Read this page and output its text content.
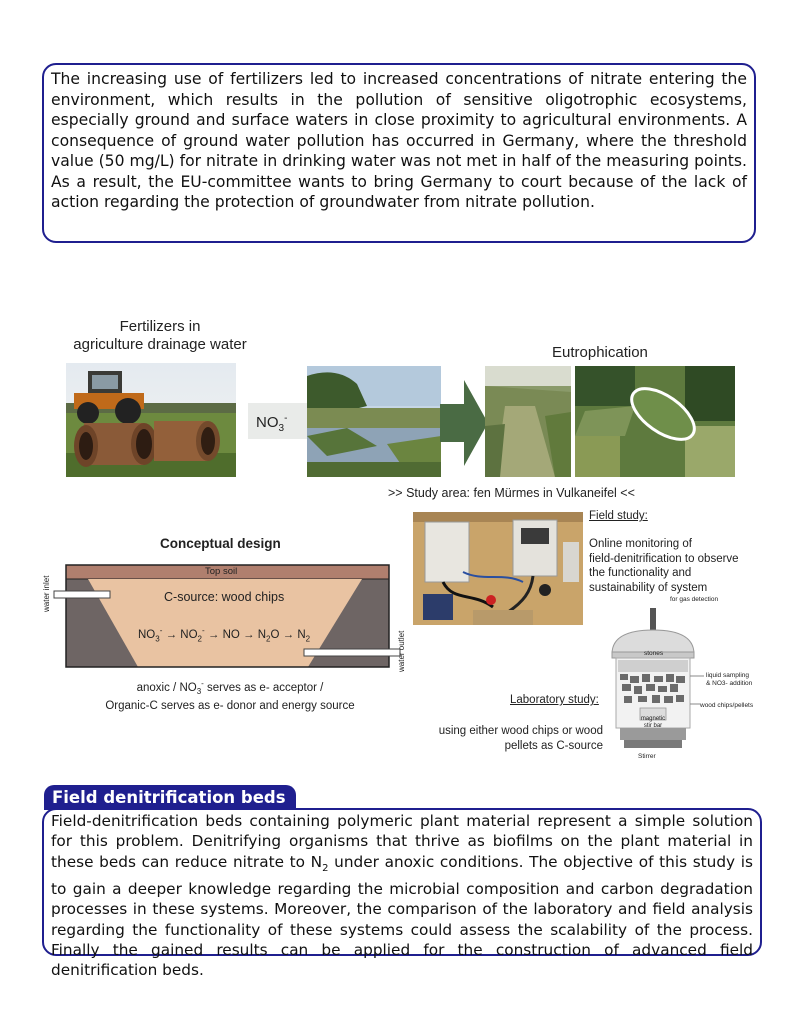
The increasing use of fertilizers led to increased concentrations of nitrate entering the environment, which results in the pollution of sensitive oligotrophic ecosystems, especially ground and surface waters in close proximity to agricultural environments. A consequence of ground water pollution has occurred in Germany, where the threshold value (50 mg/L) for nitrate in drinking water was not met in half of the measuring points. As a result, the EU-committee wants to bring Germany to court because of the lack of action regarding the protection of groundwater from nitrate pollution.

Fertilizers in
agriculture drainage water
$NO_3^-$
Eutrophication
>> Study area: fen Mürmes in Vulkaneifel <<
Conceptual design
Top soil
C-source: wood chips
$NO_3^- \to NO_2^-$ → NO → $N_2O \to N_2$
water inlet
water outlet
anoxic / $NO_3^-$ serves as e- acceptor /
Organic-C serves as e- donor and energy source
Field study:
Online monitoring of
field-denitrification to observe
the functionality and
sustainability of system
for gas detection
stones
liquid sampling
& NO3- addition
wood chips/pellets
magnetic
stir bar
Stirrer
Laboratory study:
using either wood chips or wood
pellets as C-source
Field denitrification beds

Field-denitrification beds containing polymeric plant material represent a simple solution for this problem. Denitrifying organisms that thrive as biofilms on the plant material in these beds can reduce nitrate to $N_2$ under anoxic conditions. The objective of this study is to gain a deeper knowledge regarding the microbial composition and carbon degradation processes in these systems. Moreover, the comparison of the laboratory and field analysis regarding the functionality of these systems could assess the scalability of the process. Finally the gained results can be applied for the construction of advanced field denitrification beds.
